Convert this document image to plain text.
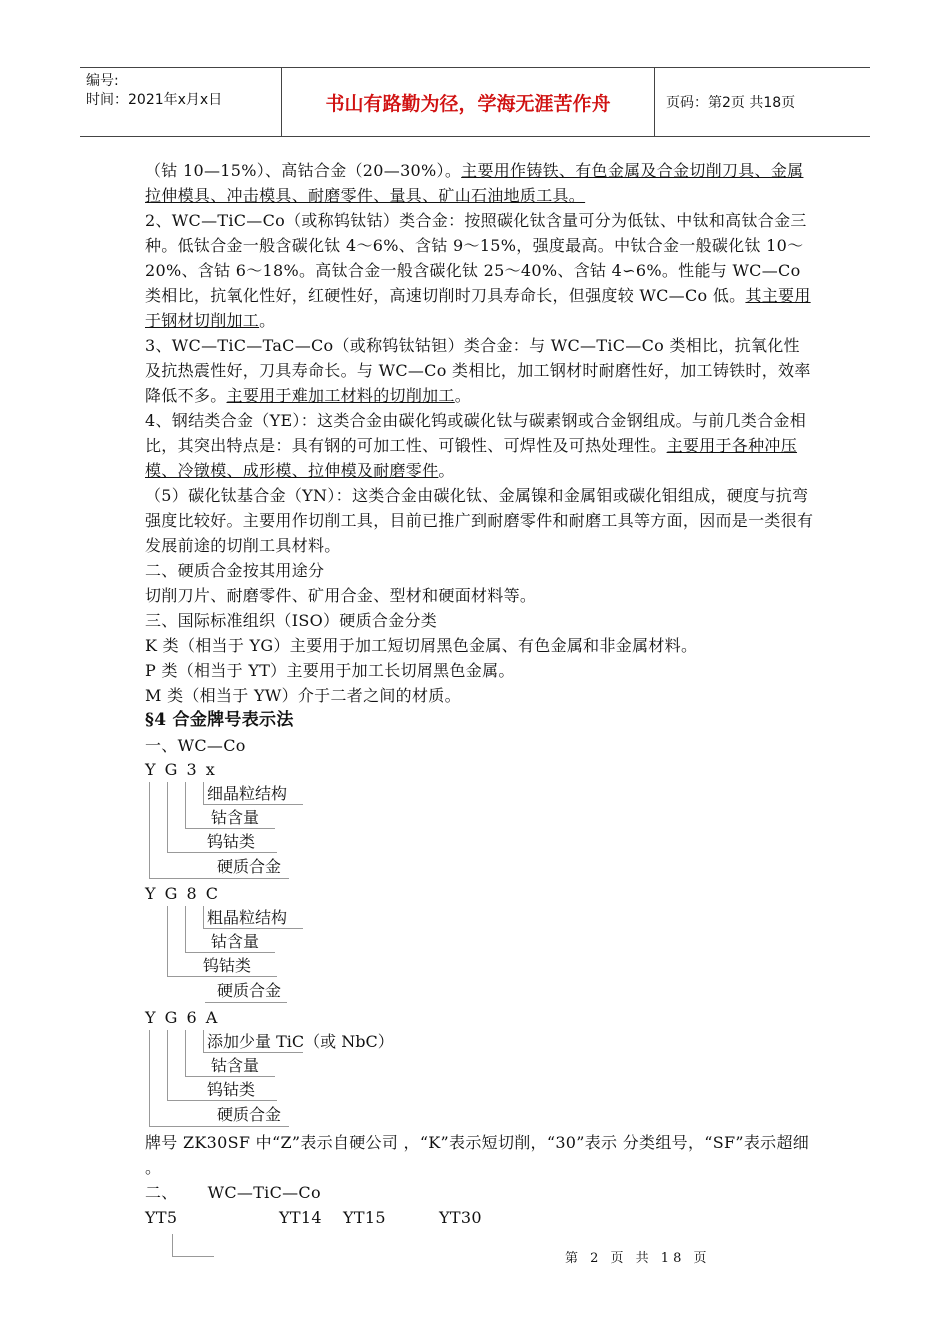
编号:
时间：2021年x月x日	书山有路勤为径，学海无涯苦作舟	页码：第2页 共18页

（钴 10—15%）、高钴合金（20—30%）。主要用作铸铁、有色金属及合金切削刀具、金属拉伸模具、冲击模具、耐磨零件、量具、矿山石油地质工具。

2、WC—TiC—Co（或称钨钛钴）类合金：按照碳化钛含量可分为低钛、中钛和高钛合金三种。低钛合金一般含碳化钛 4～6%、含钴 9～15%，强度最高。中钛合金一般碳化钛 10～20%、含钴 6～18%。高钛合金一般含碳化钛 25～40%、含钴 4∽6%。性能与 WC—Co 类相比，抗氧化性好，红硬性好，高速切削时刀具寿命长，但强度较 WC—Co 低。其主要用于钢材切削加工。

3、WC—TiC—TaC—Co（或称钨钛钴钽）类合金：与 WC—TiC—Co 类相比，抗氧化性及抗热震性好，刀具寿命长。与 WC—Co 类相比，加工钢材时耐磨性好，加工铸铁时，效率降低不多。主要用于难加工材料的切削加工。

4、钢结类合金（YE）：这类合金由碳化钨或碳化钛与碳素钢或合金钢组成。与前几类合金相比，其突出特点是：具有钢的可加工性、可锻性、可焊性及可热处理性。主要用于各种冲压模、冷镦模、成形模、拉伸模及耐磨零件。

（5）碳化钛基合金（YN）：这类合金由碳化钛、金属镍和金属钼或碳化钼组成，硬度与抗弯强度比较好。主要用作切削工具，目前已推广到耐磨零件和耐磨工具等方面，因而是一类很有发展前途的切削工具材料。

二、硬质合金按其用途分

切削刀片、耐磨零件、矿用合金、型材和硬面材料等。

三、国际标准组织（ISO）硬质合金分类

K 类（相当于 YG）主要用于加工短切屑黑色金属、有色金属和非金属材料。

P 类（相当于 YT）主要用于加工长切屑黑色金属。

M 类（相当于 YW）介于二者之间的材质。

§4 合金牌号表示法

一、WC—Co

Y G 3 x
细晶粒结构
钴含量
钨钴类
硬质合金
Y G 8 C
粗晶粒结构
钴含量
钨钴类
硬质合金
Y G 6 A
添加少量 TiC（或 NbC）
钴含量
钨钴类
硬质合金

牌号 ZK30SF 中“Z”表示自硬公司 ，“K”表示短切削，“30”表示 分类组号，“SF”表示超细 。

二、 WC—TiC—Co

YT5	YT14 YT15	YT30

第 2 页 共 18 页
